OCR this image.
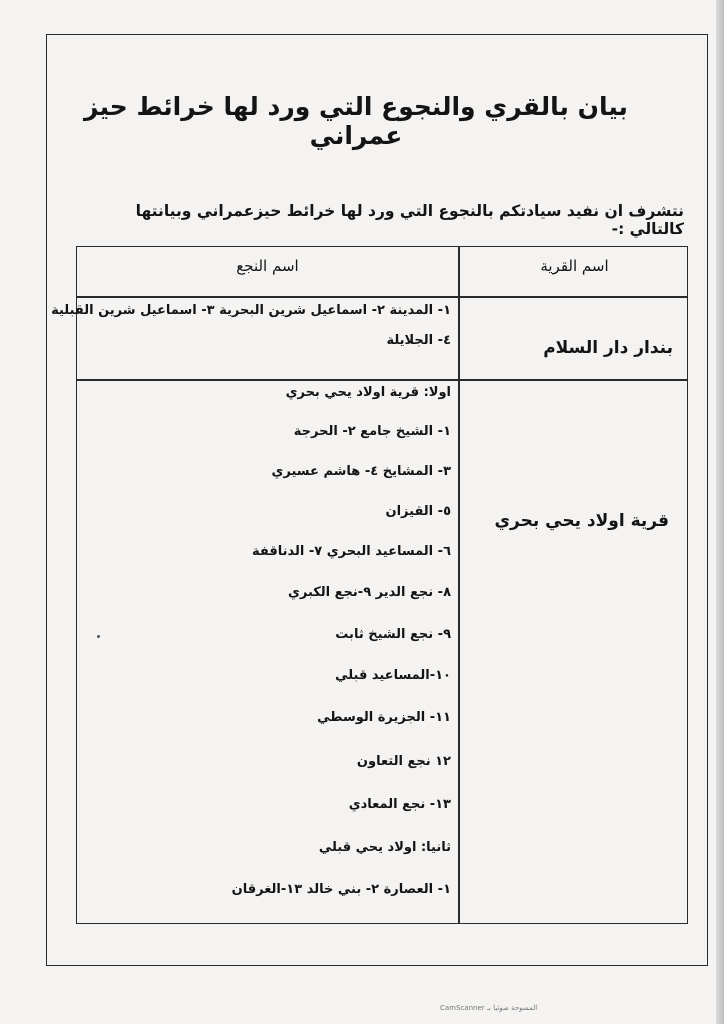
بيان بالقري والنجوع التي ورد لها خرائط حيز عمراني
نتشرف ان نفيد سيادتكم بالنجوع التي ورد لها خرائط حيزعمراني وبيانتها كالتالي :-
اسم القرية
اسم النجع
بندار دار السلام
١- المدينة ٢- اسماعيل شرين البحرية ٣- اسماعيل شرين القبلية
٤- الجلايلة
قرية اولاد يحي بحري
اولا: قرية اولاد يحي بحري
١- الشيخ جامع ٢- الحرجة
٣- المشايخ ٤- هاشم عسيري
٥- القيزان
٦- المساعيد البحري ٧- الدناقفة
٨- نجع الدير ٩-نجع الكبري
٩- نجع الشيخ ثابت
١٠-المساعيد قبلي
١١- الجزيرة الوسطي
١٢ نجع التعاون
١٣- نجع المعادي
ثانيا: اولاد يحي قبلي
١- العصارة ٢- بني خالد ١٣-الغرقان
CamScanner المسوحة ضوئيا بـ
